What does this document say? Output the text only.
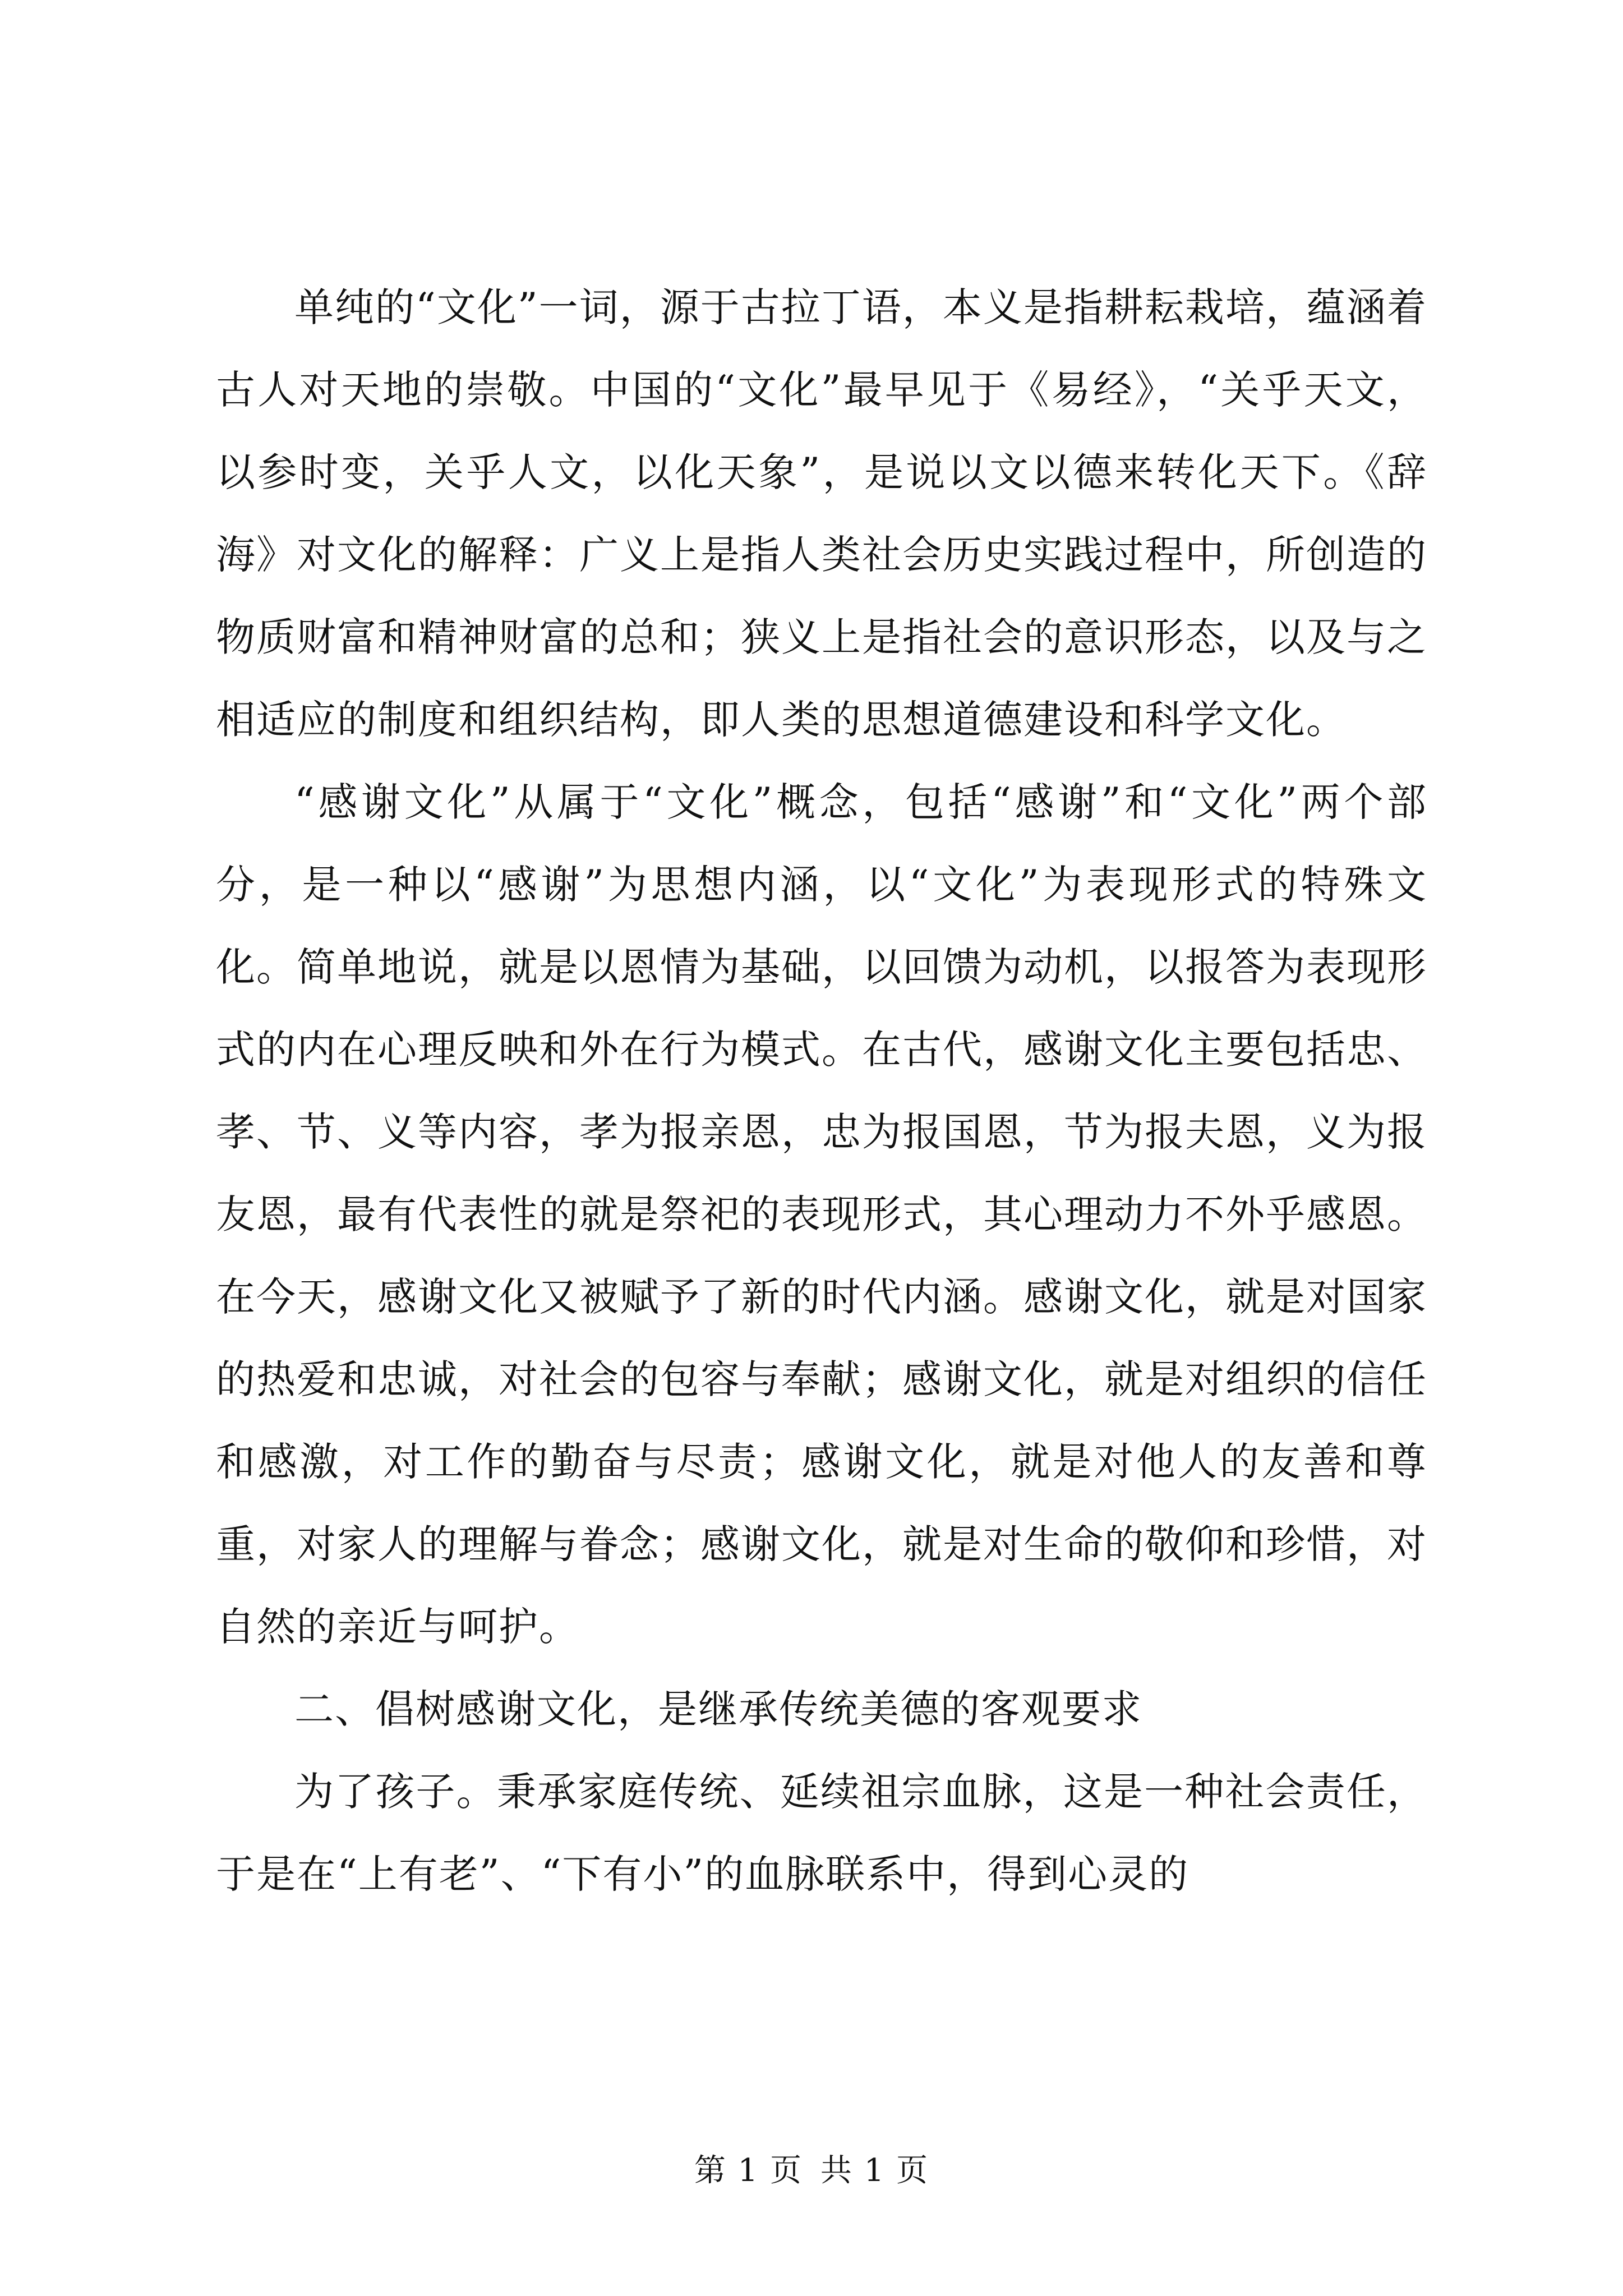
单纯的“文化”一词，源于古拉丁语，本义是指耕耘栽培，蕴涵着古人对天地的崇敬。中国的“文化”最早见于《易经》，“关乎天文，以参时变，关乎人文，以化天象”，是说以文以德来转化天下。《辞海》对文化的解释：广义上是指人类社会历史实践过程中，所创造的物质财富和精神财富的总和；狭义上是指社会的意识形态，以及与之相适应的制度和组织结构，即人类的思想道德建设和科学文化。

“感谢文化”从属于“文化”概念，包括“感谢”和“文化”两个部分，是一种以“感谢”为思想内涵，以“文化”为表现形式的特殊文化。简单地说，就是以恩情为基础，以回馈为动机，以报答为表现形式的内在心理反映和外在行为模式。在古代，感谢文化主要包括忠、孝、节、义等内容，孝为报亲恩，忠为报国恩，节为报夫恩，义为报友恩，最有代表性的就是祭祀的表现形式，其心理动力不外乎感恩。在今天，感谢文化又被赋予了新的时代内涵。感谢文化，就是对国家的热爱和忠诚，对社会的包容与奉献；感谢文化，就是对组织的信任和感激，对工作的勤奋与尽责；感谢文化，就是对他人的友善和尊重，对家人的理解与眷念；感谢文化，就是对生命的敬仰和珍惜，对自然的亲近与呵护。

二、倡树感谢文化，是继承传统美德的客观要求

为了孩子。秉承家庭传统、延续祖宗血脉，这是一种社会责任，于是在“上有老”、“下有小”的血脉联系中，得到心灵的

第 1 页 共 1 页
